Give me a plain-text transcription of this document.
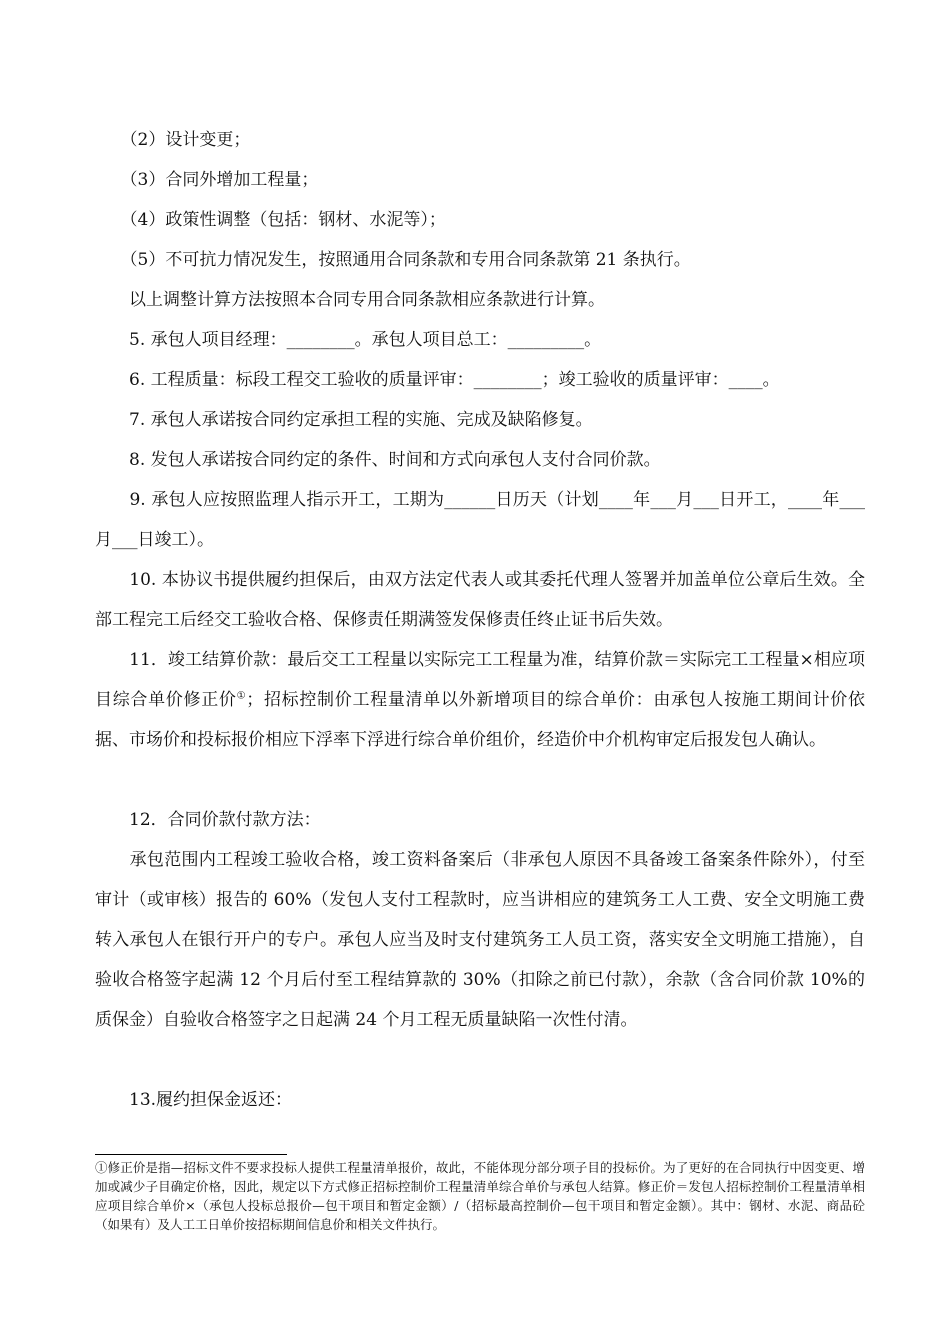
　　（2）设计变更；

　　（3）合同外增加工程量；

　　（4）政策性调整（包括：钢材、水泥等）；

　　（5）不可抗力情况发生，按照通用合同条款和专用合同条款第 21 条执行。

　　以上调整计算方法按照本合同专用合同条款相应条款进行计算。

　　5. 承包人项目经理：________。承包人项目总工：_________。

　　6. 工程质量：标段工程交工验收的质量评审：________；竣工验收的质量评审：____。

　　7. 承包人承诺按合同约定承担工程的实施、完成及缺陷修复。

　　8. 发包人承诺按合同约定的条件、时间和方式向承包人支付合同价款。

　　9. 承包人应按照监理人指示开工，工期为______日历天（计划____年___月___日开工，____年___月___日竣工）。

　　10. 本协议书提供履约担保后，由双方法定代表人或其委托代理人签署并加盖单位公章后生效。全部工程完工后经交工验收合格、保修责任期满签发保修责任终止证书后失效。

　　11．竣工结算价款：最后交工工程量以实际完工工程量为准，结算价款＝实际完工工程量×相应项目综合单价修正价①；招标控制价工程量清单以外新增项目的综合单价：由承包人按施工期间计价依据、市场价和投标报价相应下浮率下浮进行综合单价组价，经造价中介机构审定后报发包人确认。

　　12．合同价款付款方法：

　　承包范围内工程竣工验收合格，竣工资料备案后（非承包人原因不具备竣工备案条件除外），付至审计（或审核）报告的 60%（发包人支付工程款时，应当讲相应的建筑务工人工费、安全文明施工费转入承包人在银行开户的专户。承包人应当及时支付建筑务工人员工资，落实安全文明施工措施），自验收合格签字起满 12 个月后付至工程结算款的 30%（扣除之前已付款），余款（含合同价款 10%的质保金）自验收合格签字之日起满 24 个月工程无质量缺陷一次性付清。

　　13.履约担保金返还：

①修正价是指—招标文件不要求投标人提供工程量清单报价，故此，不能体现分部分项子目的投标价。为了更好的在合同执行中因变更、增加或减少子目确定价格，因此，规定以下方式修正招标控制价工程量清单综合单价与承包人结算。修正价＝发包人招标控制价工程量清单相应项目综合单价×（承包人投标总报价—包干项目和暂定金额）/（招标最高控制价—包干项目和暂定金额）。其中：钢材、水泥、商品砼（如果有）及人工工日单价按招标期间信息价和相关文件执行。
